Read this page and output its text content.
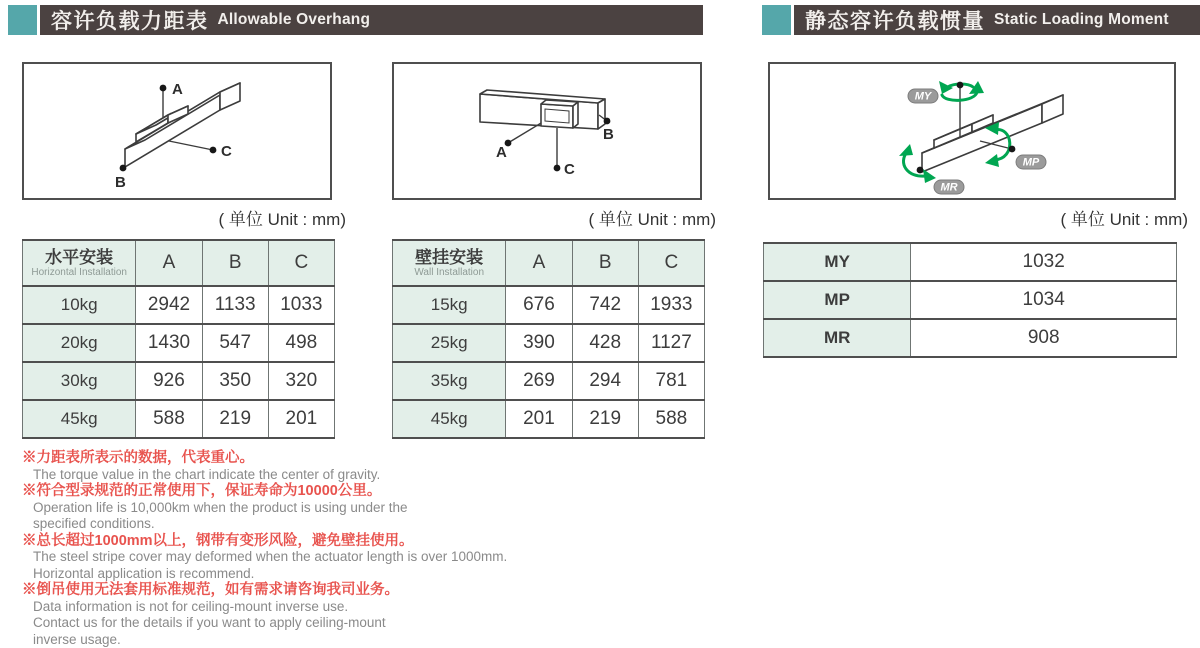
容许负载力距表 Allowable Overhang	静态容许负载惯量 Static Loading Moment
A
C
B
A
C
B
MY
MP
MR
( 单位 Unit : mm)	( 单位 Unit : mm)	( 单位 Unit : mm)
水平安装
Horizontal Installation	A	B	C
10kg	2942	1133	1033
20kg	1430	547	498
30kg	926	350	320
45kg	588	219	201
壁挂安装
Wall Installation	A	B	C
15kg	676	742	1933
25kg	390	428	1127
35kg	269	294	781
45kg	201	219	588
MY	1032
MP	1034
MR	908
※力距表所表示的数据，代表重心。
The torque value in the chart indicate the center of gravity.
※符合型录规范的正常使用下，保证寿命为10000公里。
Operation life is 10,000km when the product is using under the
specified conditions.
※总长超过1000mm以上，钢带有变形风险，避免壁挂使用。
The steel stripe cover may deformed when the actuator length is over 1000mm.
Horizontal application is recommend.
※倒吊使用无法套用标准规范，如有需求请咨询我司业务。
Data information is not for ceiling-mount inverse use.
Contact us for the details if you want to apply ceiling-mount
inverse usage.
